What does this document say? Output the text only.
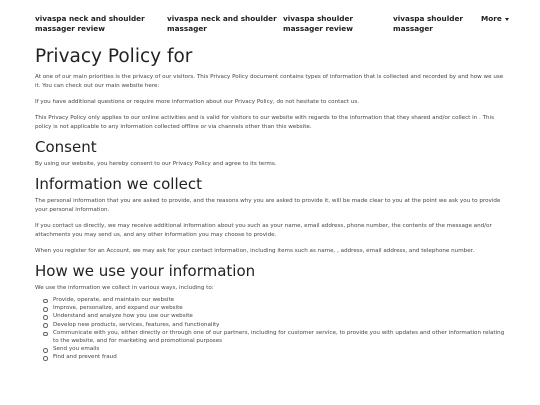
vivaspa neck and shoulder massager review
vivaspa neck and shoulder massager
vivaspa shoulder massager review
vivaspa shoulder massager
More
Privacy Policy for

At one of our main priorities is the privacy of our visitors. This Privacy Policy document contains types of information that is collected and recorded by and how we use it. You can check out our main website here:

If you have additional questions or require more information about our Privacy Policy, do not hesitate to contact us.

This Privacy Policy only applies to our online activities and is valid for visitors to our website with regards to the information that they shared and/or collect in . This policy is not applicable to any information collected offline or via channels other than this website.

Consent

By using our website, you hereby consent to our Privacy Policy and agree to its terms.

Information we collect

The personal information that you are asked to provide, and the reasons why you are asked to provide it, will be made clear to you at the point we ask you to provide your personal information.

If you contact us directly, we may receive additional information about you such as your name, email address, phone number, the contents of the message and/or attachments you may send us, and any other information you may choose to provide.

When you register for an Account, we may ask for your contact information, including items such as name, , address, email address, and telephone number.

How we use your information

We use the information we collect in various ways, including to:

Provide, operate, and maintain our website
Improve, personalize, and expand our website
Understand and analyze how you use our website
Develop new products, services, features, and functionality
Communicate with you, either directly or through one of our partners, including for customer service, to provide you with updates and other information relating to the website, and for marketing and promotional purposes
Send you emails
Find and prevent fraud
